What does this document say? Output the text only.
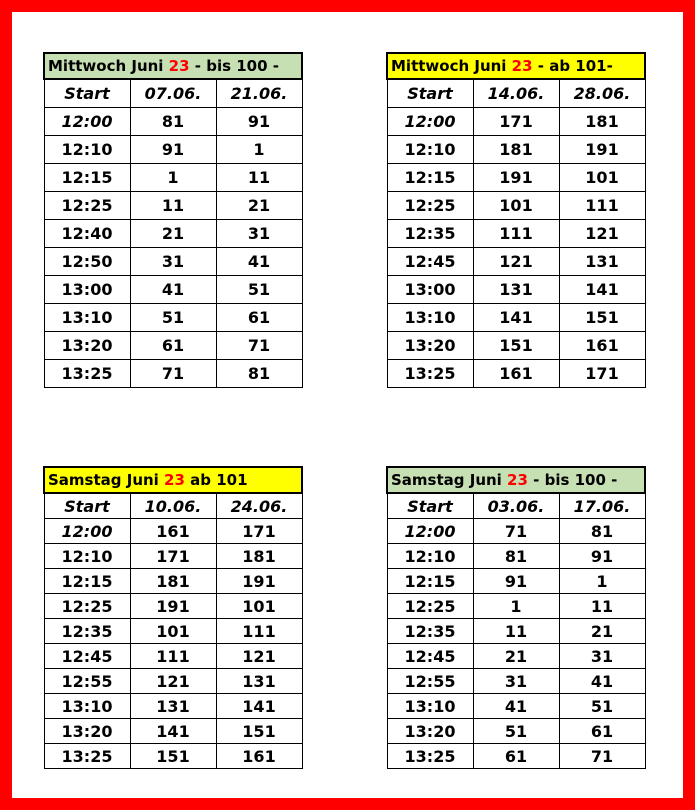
Mittwoch Juni 23 - bis 100 -		
Start	07.06.	21.06.
12:00	81	91
12:10	91	1
12:15	1	11
12:25	11	21
12:40	21	31
12:50	31	41
13:00	41	51
13:10	51	61
13:20	61	71
13:25	71	81
Mittwoch Juni 23 - ab 101-		
Start	14.06.	28.06.
12:00	171	181
12:10	181	191
12:15	191	101
12:25	101	111
12:35	111	121
12:45	121	131
13:00	131	141
13:10	141	151
13:20	151	161
13:25	161	171
Samstag Juni 23 ab 101		
Start	10.06.	24.06.
12:00	161	171
12:10	171	181
12:15	181	191
12:25	191	101
12:35	101	111
12:45	111	121
12:55	121	131
13:10	131	141
13:20	141	151
13:25	151	161
Samstag Juni 23 - bis 100 -		
Start	03.06.	17.06.
12:00	71	81
12:10	81	91
12:15	91	1
12:25	1	11
12:35	11	21
12:45	21	31
12:55	31	41
13:10	41	51
13:20	51	61
13:25	61	71
